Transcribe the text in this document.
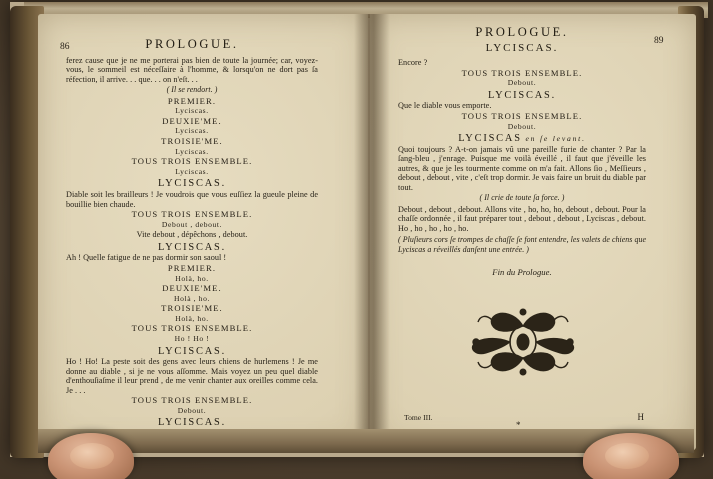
86	PROLOGUE.
ferez cause que je ne me porterai pas bien de toute la journée; car, voyez-vous, le sommeil est néceſſaire à l'homme, & lorsqu'on ne dort pas ſa réfection, il arrive. . . que. . . on n'eſt. . .
( Il se rendort. )
PREMIER.
Lyciscas.
DEUXIE'ME.
Lyciscas.
TROISIE'ME.
Lyciscas.
TOUS TROIS ENSEMBLE.
Lyciscas.
LYCISCAS.
Diable soit les brailleurs ! Je voudrois que vous euſſiez la gueule pleine de bouillie bien chaude.
TOUS TROIS ENSEMBLE.
Debout , debout.
Vite debout , dépêchons , debout.
LYCISCAS.
Ah ! Quelle fatigue de ne pas dormir son saoul !
PREMIER.
Holà, ho.
DEUXIE'ME.
Holà , ho.
TROISIE'ME.
Holà, ho.
TOUS TROIS ENSEMBLE.
Ho ! Ho !
LYCISCAS.
Ho ! Ho! La peste soit des gens avec leurs chiens de hurlemens ! Je me donne au diable , si je ne vous aſſomme. Mais voyez un peu quel diable d'enthouſiaſme il leur prend , de me venir chanter aux oreilles comme cela. Je . . .
TOUS TROIS ENSEMBLE.
Debout.
LYCISCAS.
89
PROLOGUE.
LYCISCAS.
Encore ?
TOUS TROIS ENSEMBLE.
Debout.
LYCISCAS.
Que le diable vous emporte.
TOUS TROIS ENSEMBLE.
Debout.
LYCISCAS en ſe levant.
Quoi toujours ? A-t-on jamais vû une pareille furie de chanter ? Par la ſang-bleu , j'enrage. Puisque me voilà éveillé , il faut que j'éveille les autres, & que je les tourmente comme on m'a fait. Allons ſio , Meſſieurs , debout , debout , vite , c'eſt trop dormir. Je vais faire un bruit du diable par tout.
( Il crie de toute ſa force. )
Debout , debout , debout. Allons vite , ho, ho, ho, debout , debout. Pour la chaſſe ordonnée , il faut préparer tout , debout , debout , Lyciscas , debout. Ho , ho , ho , ho , ho.
( Pluſieurs cors ſe trompes de chaſſe ſe font entendre, les valets de chiens que Lyciscas a réveillés danſent une entrée. )
Fin du Prologue.
Tome III.	H
*
